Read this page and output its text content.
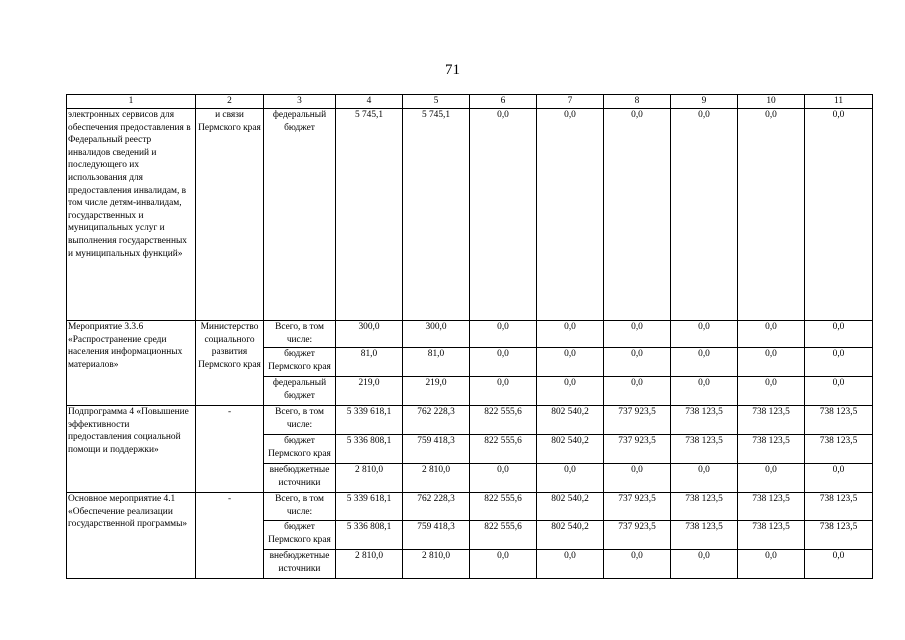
71
1	2	3	4	5	6	7	8	9	10	11
электронных сервисов для обеспечения предоставления в Федеральный реестр инвалидов сведений и последующего их использования для предоставления инвалидам, в том числе детям-инвалидам, государственных и муниципальных услуг и выполнения государственных и муниципальных функций»	и связи Пермского края	федеральный бюджет	5 745,1	5 745,1	0,0	0,0	0,0	0,0	0,0	0,0
Мероприятие 3.3.6 «Распространение среди населения информационных материалов»	Министерство социального развития Пермского края	Всего, в том числе:	300,0	300,0	0,0	0,0	0,0	0,0	0,0	0,0
		бюджет Пермского края	81,0	81,0	0,0	0,0	0,0	0,0	0,0	0,0
		федеральный бюджет	219,0	219,0	0,0	0,0	0,0	0,0	0,0	0,0
Подпрограмма 4 «Повышение эффективности предоставления социальной помощи и поддержки»	-	Всего, в том числе:	5 339 618,1	762 228,3	822 555,6	802 540,2	737 923,5	738 123,5	738 123,5	738 123,5
		бюджет Пермского края	5 336 808,1	759 418,3	822 555,6	802 540,2	737 923,5	738 123,5	738 123,5	738 123,5
		внебюджетные источники	2 810,0	2 810,0	0,0	0,0	0,0	0,0	0,0	0,0
Основное мероприятие 4.1 «Обеспечение реализации государственной программы»	-	Всего, в том числе:	5 339 618,1	762 228,3	822 555,6	802 540,2	737 923,5	738 123,5	738 123,5	738 123,5
		бюджет Пермского края	5 336 808,1	759 418,3	822 555,6	802 540,2	737 923,5	738 123,5	738 123,5	738 123,5
		внебюджетные источники	2 810,0	2 810,0	0,0	0,0	0,0	0,0	0,0	0,0
